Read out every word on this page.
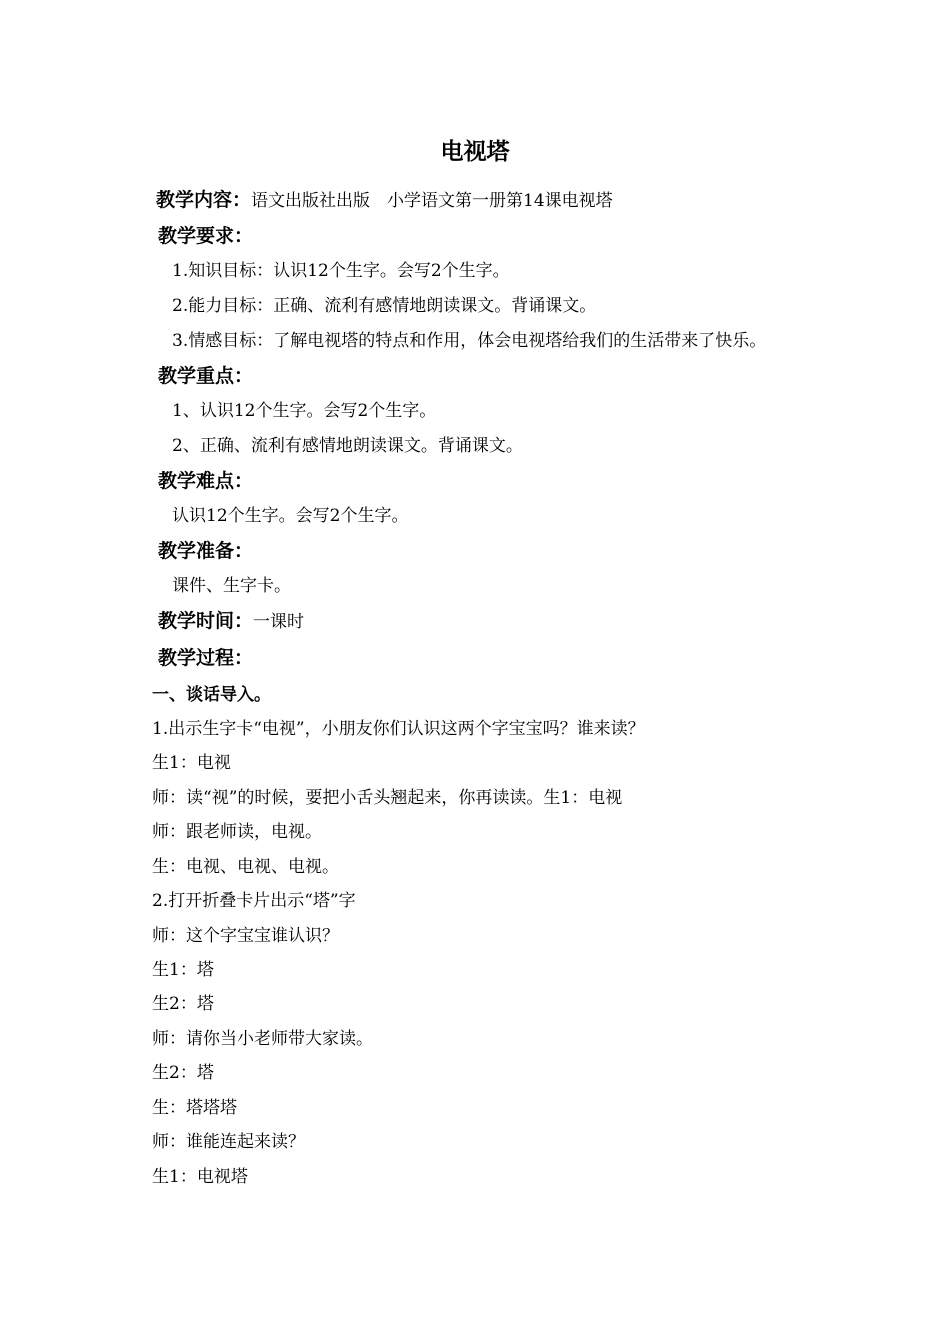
电视塔
教学内容：语文出版社出版　小学语文第一册第14课电视塔
教学要求：
1.知识目标：认识12个生字。会写2个生字。
2.能力目标：正确、流利有感情地朗读课文。背诵课文。
3.情感目标：了解电视塔的特点和作用，体会电视塔给我们的生活带来了快乐。
教学重点：
1、认识12个生字。会写2个生字。
2、正确、流利有感情地朗读课文。背诵课文。
教学难点：
认识12个生字。会写2个生字。
教学准备：
课件、生字卡。
教学时间：一课时
教学过程：
一、谈话导入。
1.出示生字卡“电视”，小朋友你们认识这两个字宝宝吗？谁来读？
生1：电视
师：读“视”的时候，要把小舌头翘起来，你再读读。生1：电视
师：跟老师读，电视。
生：电视、电视、电视。
2.打开折叠卡片出示“塔”字
师：这个字宝宝谁认识？
生1：塔
生2：塔
师：请你当小老师带大家读。
生2：塔
生：塔塔塔
师：谁能连起来读？
生1：电视塔
